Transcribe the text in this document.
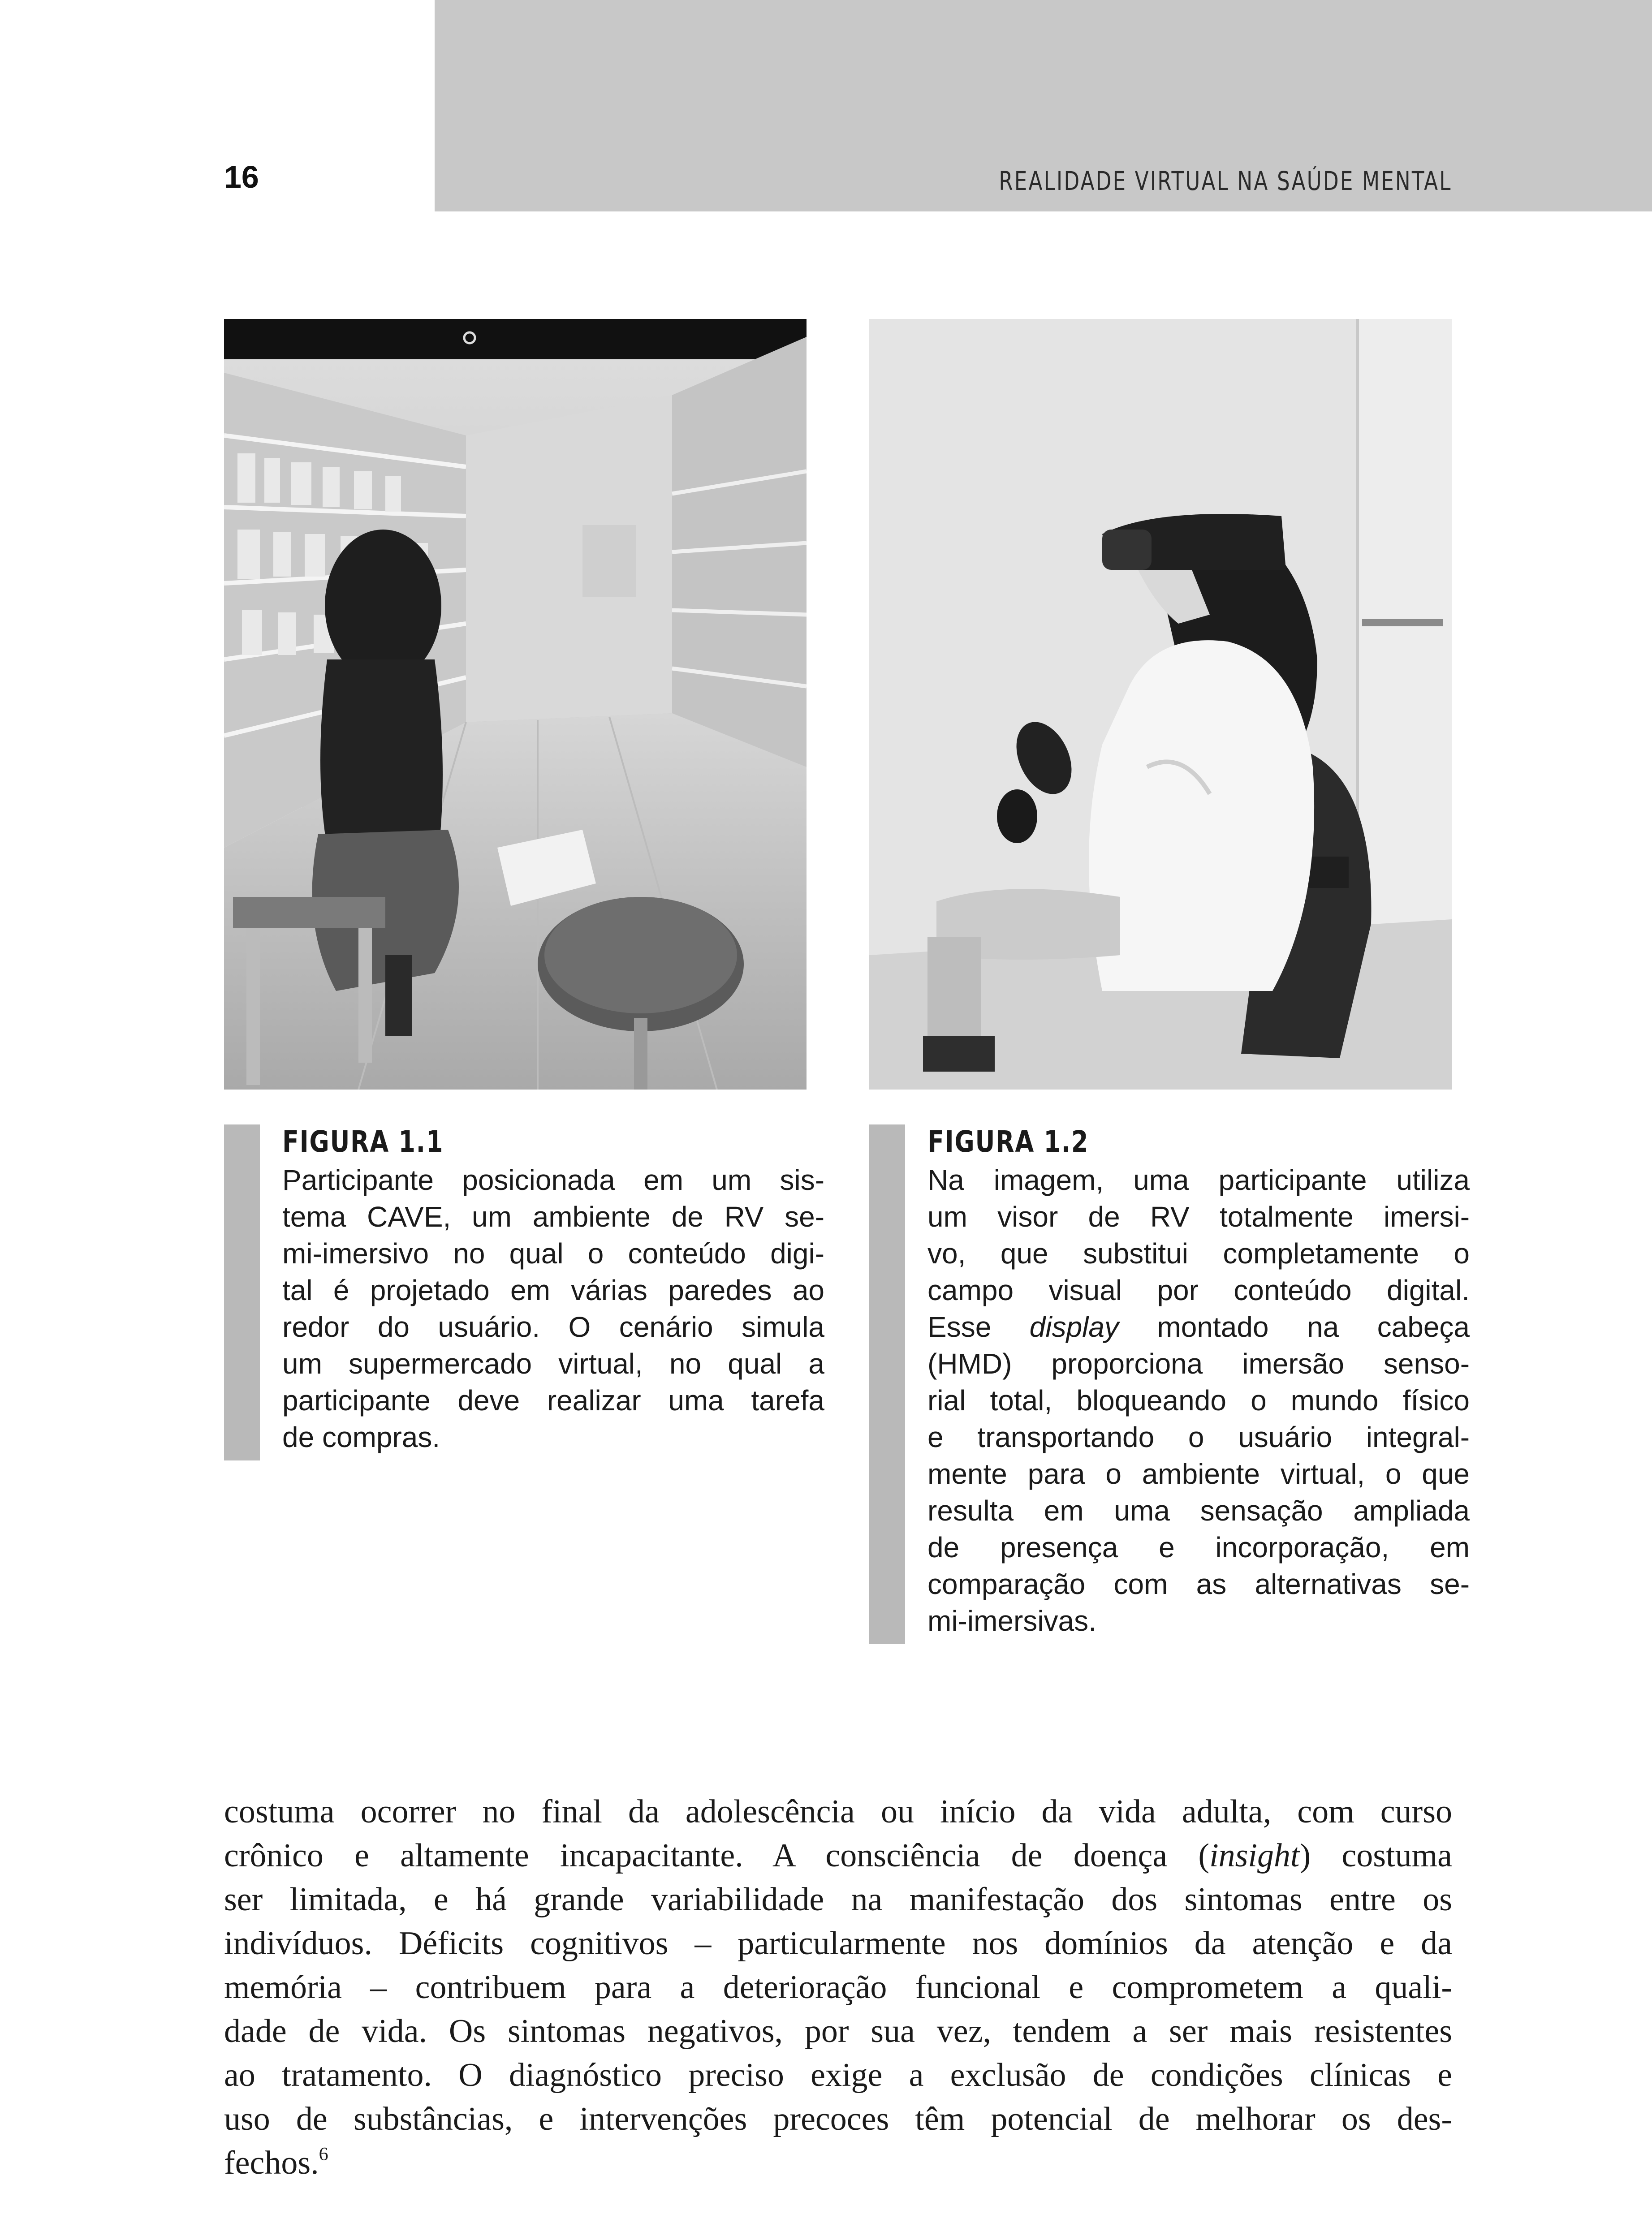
16	REALIDADE VIRTUAL NA SAÚDE MENTAL
FIGURA 1.1
Participante posicionada em um sis-
tema CAVE, um ambiente de RV se-
mi-imersivo no qual o conteúdo digi-
tal é projetado em várias paredes ao
redor do usuário. O cenário simula
um supermercado virtual, no qual a
participante deve realizar uma tarefa
de compras.
FIGURA 1.2
Na imagem, uma participante utiliza
um visor de RV totalmente imersi-
vo, que substitui completamente o
campo visual por conteúdo digital.
Esse display montado na cabeça
(HMD) proporciona imersão senso-
rial total, bloqueando o mundo físico
e transportando o usuário integral-
mente para o ambiente virtual, o que
resulta em uma sensação ampliada
de presença e incorporação, em
comparação com as alternativas se-
mi-imersivas.
costuma ocorrer no final da adolescência ou início da vida adulta, com curso
crônico e altamente incapacitante. A consciência de doença (insight) costuma
ser limitada, e há grande variabilidade na manifestação dos sintomas entre os
indivíduos. Déficits cognitivos – particularmente nos domínios da atenção e da
memória – contribuem para a deterioração funcional e comprometem a quali-
dade de vida. Os sintomas negativos, por sua vez, tendem a ser mais resistentes
ao tratamento. O diagnóstico preciso exige a exclusão de condições clínicas e
uso de substâncias, e intervenções precoces têm potencial de melhorar os des-
fechos.$^6$
